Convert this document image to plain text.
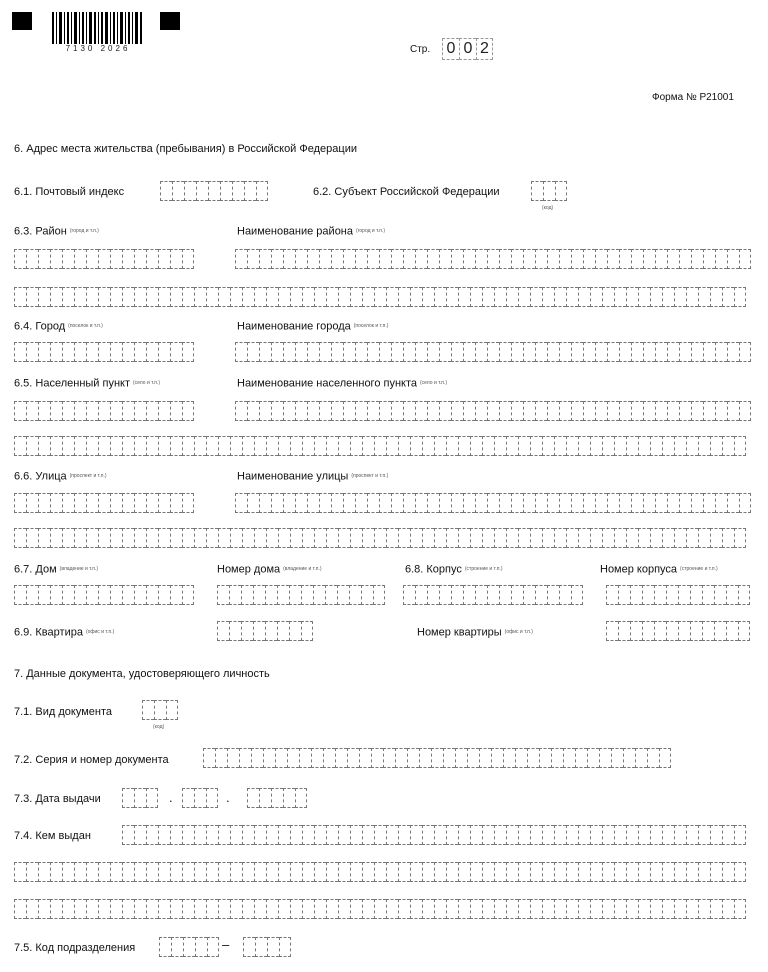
7130 2026	Стр. 0 0 2
Форма № Р21001
6. Адрес места жительства (пребывания) в Российской Федерации
6.1. Почтовый индекс	6.2. Субъект Российской Федерации
(код)
6.3. Район (город и т.п.)	Наименование района (город и т.п.)
6.4. Город (поселок и т.п.)	Наименование города (поселок и т.п.)
6.5. Населенный пункт (село и т.п.)	Наименование населенного пункта (село и т.п.)
6.6. Улица (проспект и т.п.)	Наименование улицы (проспект и т.п.)
6.7. Дом (владение и т.п.)	Номер дома (владение и т.п.)	6.8. Корпус (строение и т.п.)	Номер корпуса (строение и т.п.)
6.9. Квартира (офис и т.п.)	Номер квартиры (офис и т.п.)
7. Данные документа, удостоверяющего личность
7.1. Вид документа
(код)
7.2. Серия и номер документа
7.3. Дата выдачи	.	.
7.4. Кем выдан
7.5. Код подразделения	–
